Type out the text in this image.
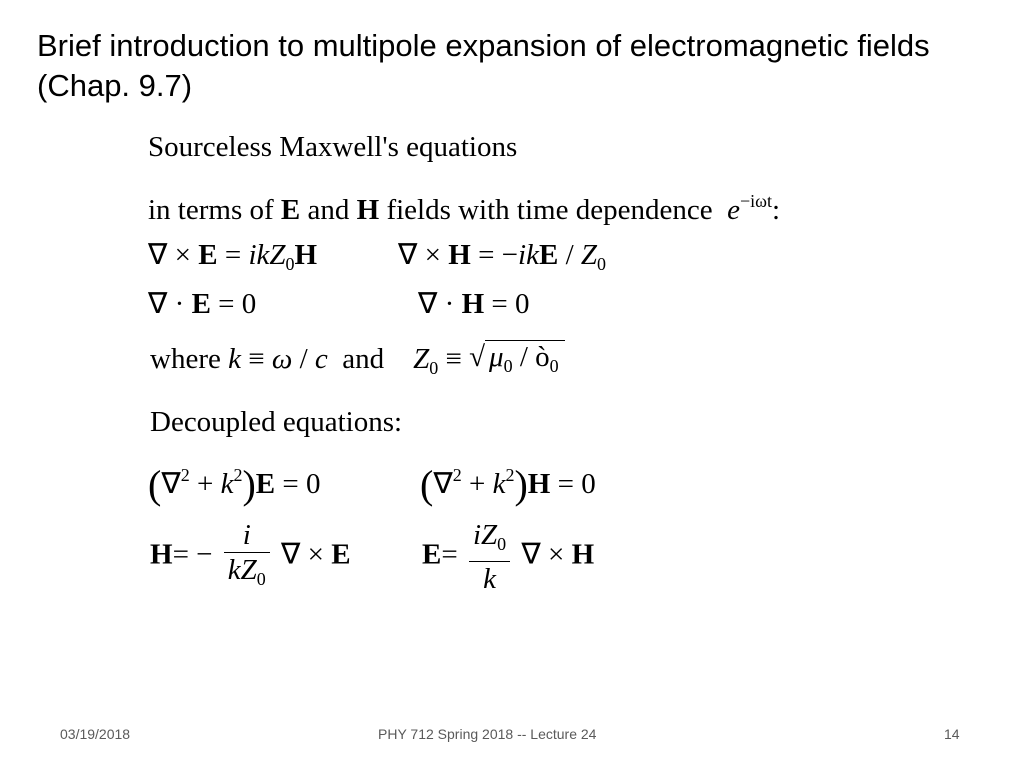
Brief introduction to multipole expansion of electromagnetic fields (Chap. 9.7)
Sourceless Maxwell's equations
in terms of E and H fields with time dependence $e^{-i\omega t}$:
∇ × E = ikZ$_0$H	∇ × $H = -ikE / Z_0$
∇ · E = 0	∇ · H = 0
where k ≡ ω / c and $Z_0$ ≡ √ $\mu_0$ / $ò_0$
Decoupled equations:
$(\nabla^2 + k^2)E = 0$ $(\nabla^2 + k^2)H = 0$
$H= - \frac{i}{kZ_0}$ ∇ × E $E= \frac{iZ_0}{k}$ ∇ × H
03/19/2018	PHY 712 Spring 2018 -- Lecture 24	14
